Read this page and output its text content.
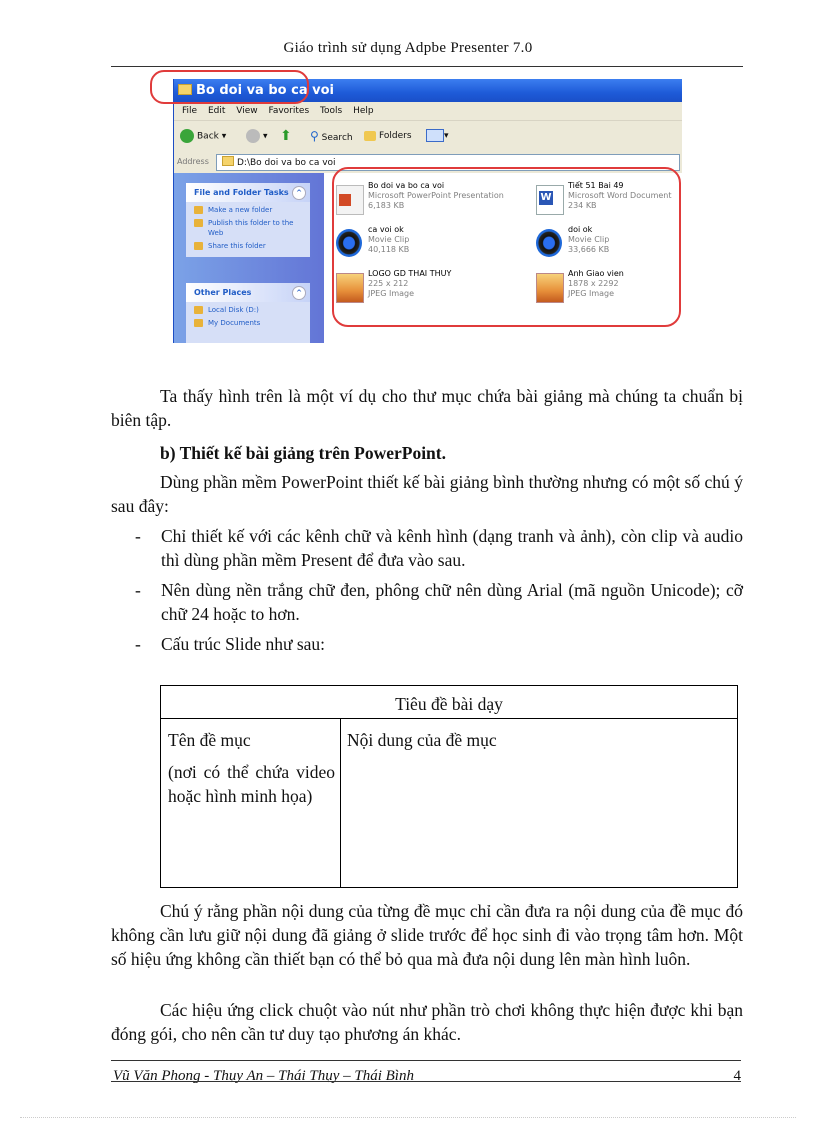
Giáo trình sử dụng Adpbe Presenter 7.0
Bo doi va bo ca voi
File Edit View Favorites Tools Help
Back ▾	▾ ⬆ ⚲ Search	Folders	▾
Address	D:\Bo doi va bo ca voi
File and Folder Tasks	^
Make a new folder
Publish this folder to the Web
Share this folder
Other Places	^
Local Disk (D:)
My Documents
Bo doi va bo ca voi
Microsoft PowerPoint Presentation
6,183 KB
W
Tiết 51 Bai 49
Microsoft Word Document
234 KB
ca voi ok
Movie Clip
40,118 KB
doi ok
Movie Clip
33,666 KB
LOGO GD THAI THUY
225 x 212
JPEG Image
Anh Giao vien
1878 x 2292
JPEG Image
Ta thấy hình trên là một ví dụ cho thư mục chứa bài giảng mà chúng ta chuẩn bị biên tập.
b) Thiết kế bài giảng trên PowerPoint.
Dùng phần mềm PowerPoint thiết kế bài giảng bình thường nhưng có một số chú ý sau đây:
- Chỉ thiết kế với các kênh chữ và kênh hình (dạng tranh và ảnh), còn clip và audio thì dùng phần mềm Present để đưa vào sau.
- Nên dùng nền trắng chữ đen, phông chữ nên dùng Arial (mã nguồn Unicode); cỡ chữ 24 hoặc to hơn.
- Cấu trúc Slide như sau:
Tiêu đề bài dạy
Tên đề mục
(nơi có thể chứa video hoặc hình minh họa)
Nội dung của đề mục
Chú ý rằng phần nội dung của từng đề mục chỉ cần đưa ra nội dung của đề mục đó không cần lưu giữ nội dung đã giảng ở slide trước để học sinh đi vào trọng tâm hơn. Một số hiệu ứng không cần thiết bạn có thể bỏ qua mà đưa nội dung lên màn hình luôn.
Các hiệu ứng click chuột vào nút như phần trò chơi không thực hiện được khi bạn đóng gói, cho nên cần tư duy tạo phương án khác.
Vũ Văn Phong - Thụy An – Thái Thụy – Thái Bình	4
